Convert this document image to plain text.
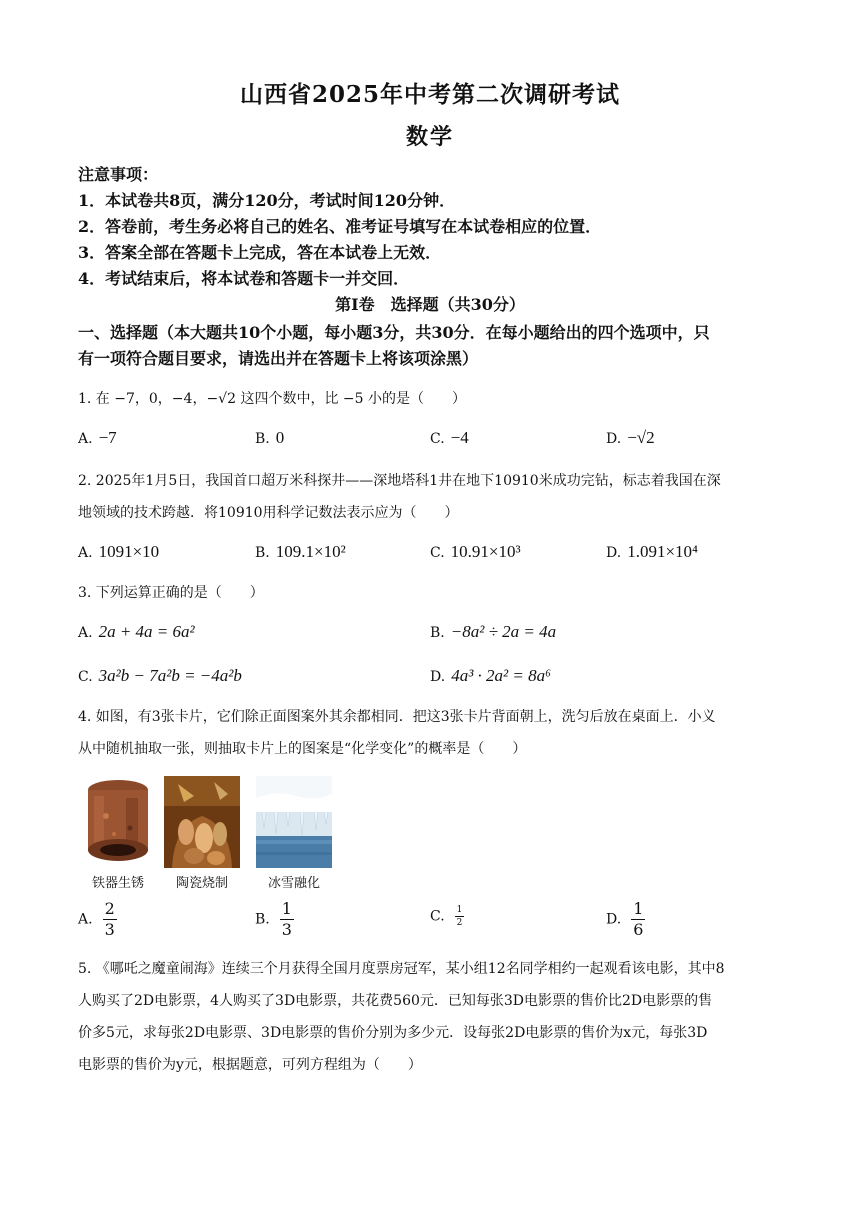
山西省2025年中考第二次调研考试
数学
注意事项：
1．本试卷共8页，满分120分，考试时间120分钟．
2．答卷前，考生务必将自己的姓名、准考证号填写在本试卷相应的位置．
3．答案全部在答题卡上完成，答在本试卷上无效．
4．考试结束后，将本试卷和答题卡一并交回．
第Ⅰ卷　选择题（共30分）
一、选择题（本大题共10个小题，每小题3分，共30分．在每小题给出的四个选项中，只
有一项符合题目要求，请选出并在答题卡上将该项涂黑）
1. 在 −7，0，−4，−√2 这四个数中，比 −5 小的是（　　）
A. −7	B. 0	C. −4	D. −√2
2. 2025年1月5日，我国首口超万米科探井——深地塔科1井在地下10910米成功完钻，标志着我国在深
地领域的技术跨越．将10910用科学记数法表示应为（　　）
A. 1091×10	B. 109.1×10²	C. 10.91×10³	D. 1.091×10⁴
3. 下列运算正确的是（　　）
A. 2a + 4a = 6a²	B. −8a² ÷ 2a = 4a
C. 3a²b − 7a²b = −4a²b	D. 4a³ · 2a² = 8a⁶
4. 如图，有3张卡片，它们除正面图案外其余都相同．把这3张卡片背面朝上，洗匀后放在桌面上．小义
从中随机抽取一张，则抽取卡片上的图案是“化学变化”的概率是（　　）
铁器生锈	陶瓷烧制	冰雪融化
A. $\frac{2}{3}$	B. $\frac{1}{3}$	C. $\frac{1}{2}$	D. $\frac{1}{6}$
5. 《哪吒之魔童闹海》连续三个月获得全国月度票房冠军，某小组12名同学相约一起观看该电影，其中8
人购买了2D电影票，4人购买了3D电影票，共花费560元．已知每张3D电影票的售价比2D电影票的售
价多5元，求每张2D电影票、3D电影票的售价分别为多少元．设每张2D电影票的售价为x元，每张3D
电影票的售价为y元，根据题意，可列方程组为（　　）
